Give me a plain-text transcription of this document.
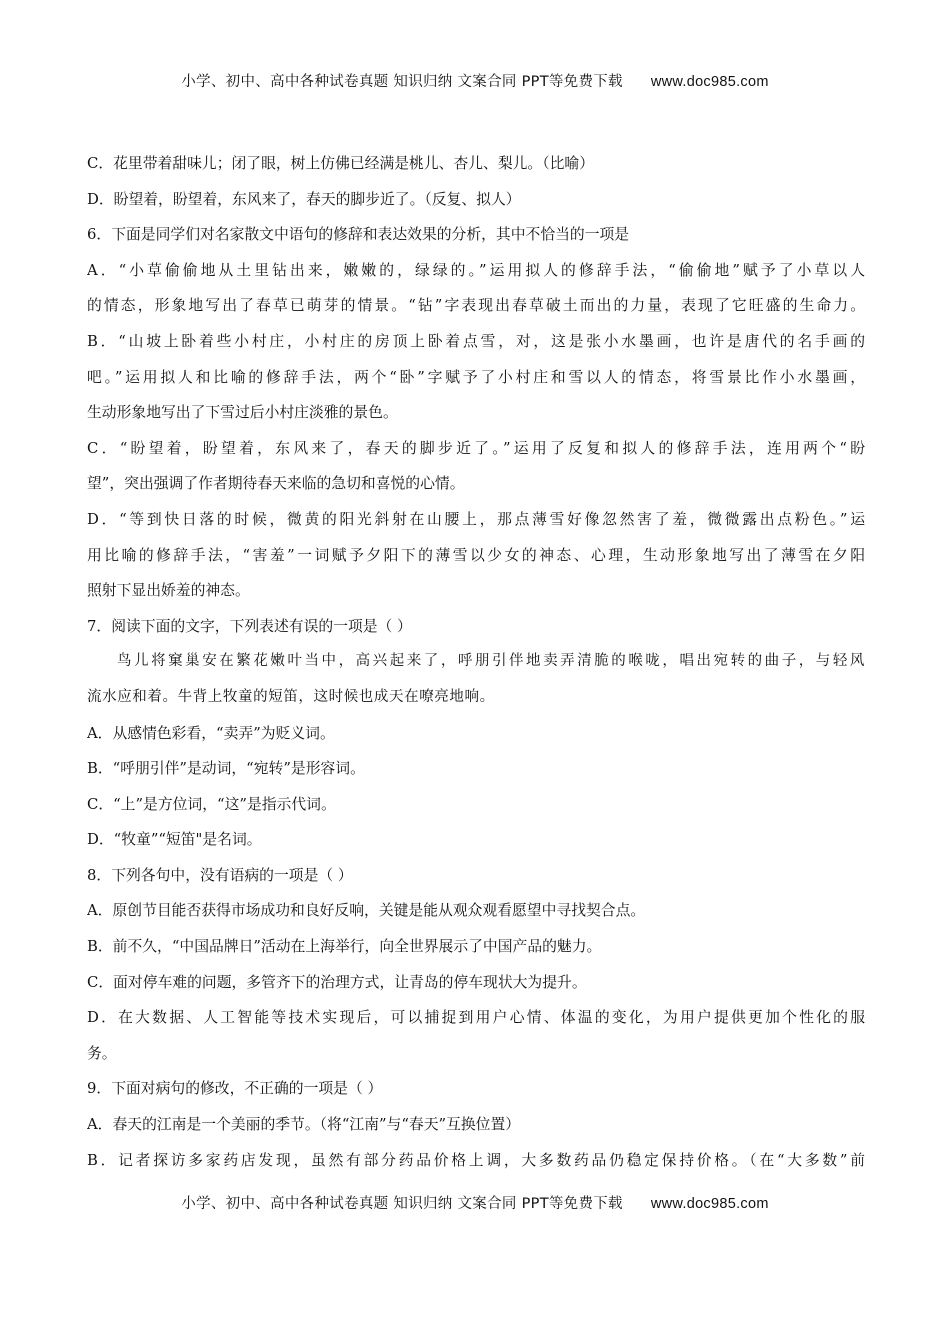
小学、初中、高中各种试卷真题 知识归纳 文案合同 PPT等免费下载 www.doc985.com
C．花里带着甜味儿；闭了眼，树上仿佛已经满是桃儿、杏儿、梨儿。（比喻）
D．盼望着，盼望着，东风来了，春天的脚步近了。（反复、拟人）
6．下面是同学们对名家散文中语句的修辞和表达效果的分析，其中不恰当的一项是
A．“小草偷偷地从土里钻出来，嫩嫩的，绿绿的。”运用拟人的修辞手法，“偷偷地”赋予了小草以人
的情态，形象地写出了春草已萌芽的情景。“钻”字表现出春草破土而出的力量，表现了它旺盛的生命力。
B．“山坡上卧着些小村庄，小村庄的房顶上卧着点雪，对，这是张小水墨画，也许是唐代的名手画的
吧。”运用拟人和比喻的修辞手法，两个“卧”字赋予了小村庄和雪以人的情态，将雪景比作小水墨画，
生动形象地写出了下雪过后小村庄淡雅的景色。
C．“盼望着，盼望着，东风来了，春天的脚步近了。”运用了反复和拟人的修辞手法，连用两个“盼
望”，突出强调了作者期待春天来临的急切和喜悦的心情。
D．“等到快日落的时候，微黄的阳光斜射在山腰上，那点薄雪好像忽然害了羞，微微露出点粉色。”运
用比喻的修辞手法，“害羞”一词赋予夕阳下的薄雪以少女的神态、心理，生动形象地写出了薄雪在夕阳
照射下显出娇羞的神态。
7．阅读下面的文字，下列表述有误的一项是（ ）
鸟儿将窠巢安在繁花嫩叶当中，高兴起来了，呼朋引伴地卖弄清脆的喉咙，唱出宛转的曲子，与轻风
流水应和着。牛背上牧童的短笛，这时候也成天在嘹亮地响。
A．从感情色彩看，“卖弄”为贬义词。
B．“呼朋引伴”是动词，“宛转”是形容词。
C．“上”是方位词，“这”是指示代词。
D．“牧童”“短笛"是名词。
8．下列各句中，没有语病的一项是（ ）
A．原创节目能否获得市场成功和良好反响，关键是能从观众观看愿望中寻找契合点。
B．前不久，“中国品牌日”活动在上海举行，向全世界展示了中国产品的魅力。
C．面对停车难的问题，多管齐下的治理方式，让青岛的停车现状大为提升。
D．在大数据、人工智能等技术实现后，可以捕捉到用户心情、体温的变化，为用户提供更加个性化的服
务。
9．下面对病句的修改，不正确的一项是（ ）
A．春天的江南是一个美丽的季节。（将“江南”与“春天”互换位置）
B．记者探访多家药店发现，虽然有部分药品价格上调，大多数药品仍稳定保持价格。（在“大多数”前
小学、初中、高中各种试卷真题 知识归纳 文案合同 PPT等免费下载 www.doc985.com
